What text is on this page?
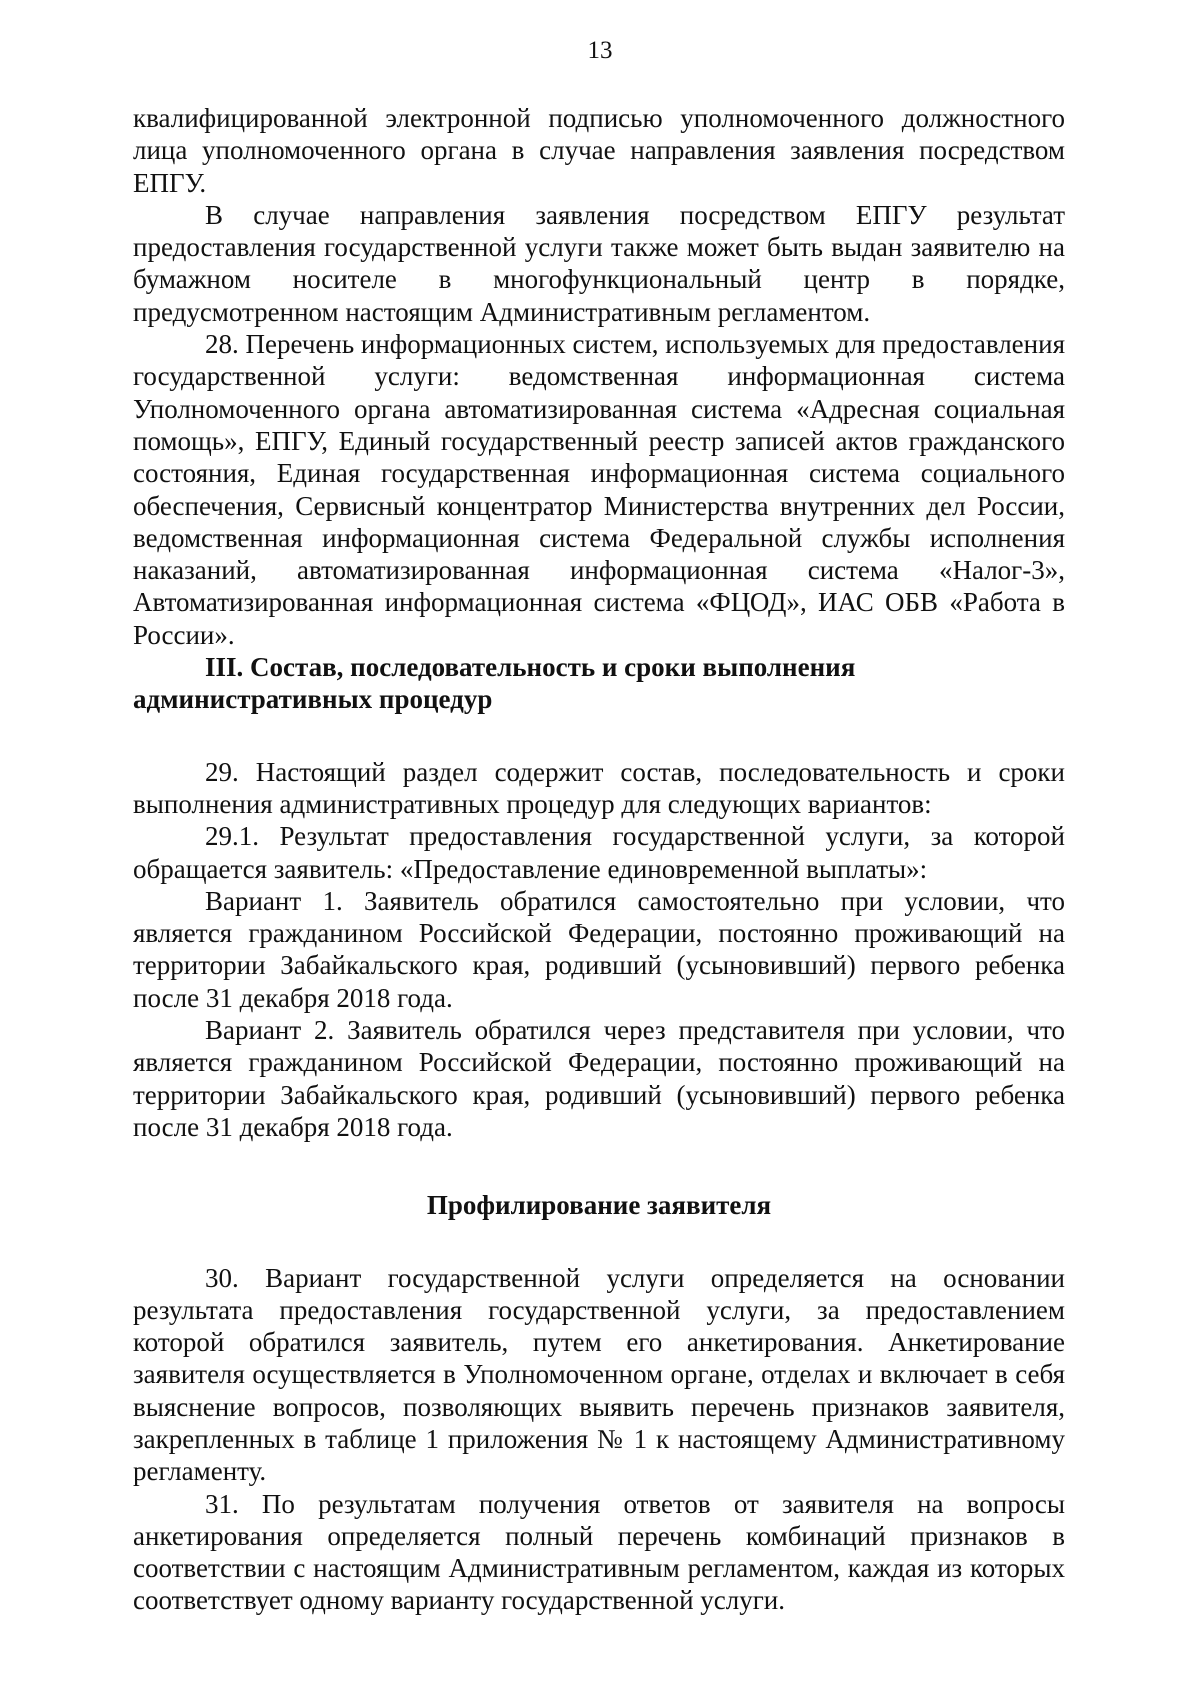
13

квалифицированной электронной подписью уполномоченного должностного лица уполномоченного органа в случае направления заявления посредством ЕПГУ.

В случае направления заявления посредством ЕПГУ результат предоставления государственной услуги также может быть выдан заявителю на бумажном носителе в многофункциональный центр в порядке, предусмотренном настоящим Административным регламентом.

28. Перечень информационных систем, используемых для предоставления государственной услуги: ведомственная информационная система Уполномоченного органа автоматизированная система «Адресная социальная помощь», ЕПГУ, Единый государственный реестр записей актов гражданского состояния, Единая государственная информационная система социального обеспечения, Сервисный концентратор Министерства внутренних дел России, ведомственная информационная система Федеральной службы исполнения наказаний, автоматизированная информационная система «Налог-3», Автоматизированная информационная система «ФЦОД», ИАС ОБВ «Работа в России».

III. Состав, последовательность и сроки выполнения административных процедур

29. Настоящий раздел содержит состав, последовательность и сроки выполнения административных процедур для следующих вариантов:

29.1. Результат предоставления государственной услуги, за которой обращается заявитель: «Предоставление единовременной выплаты»:

Вариант 1. Заявитель обратился самостоятельно при условии, что является гражданином Российской Федерации, постоянно проживающий на территории Забайкальского края, родивший (усыновивший) первого ребенка после 31 декабря 2018 года.

Вариант 2. Заявитель обратился через представителя при условии, что является гражданином Российской Федерации, постоянно проживающий на территории Забайкальского края, родивший (усыновивший) первого ребенка после 31 декабря 2018 года.

Профилирование заявителя

30. Вариант государственной услуги определяется на основании результата предоставления государственной услуги, за предоставлением которой обратился заявитель, путем его анкетирования. Анкетирование заявителя осуществляется в Уполномоченном органе, отделах и включает в себя выяснение вопросов, позволяющих выявить перечень признаков заявителя, закрепленных в таблице 1 приложения № 1 к настоящему Административному регламенту.

31. По результатам получения ответов от заявителя на вопросы анкетирования определяется полный перечень комбинаций признаков в соответствии с настоящим Административным регламентом, каждая из которых соответствует одному варианту государственной услуги.
